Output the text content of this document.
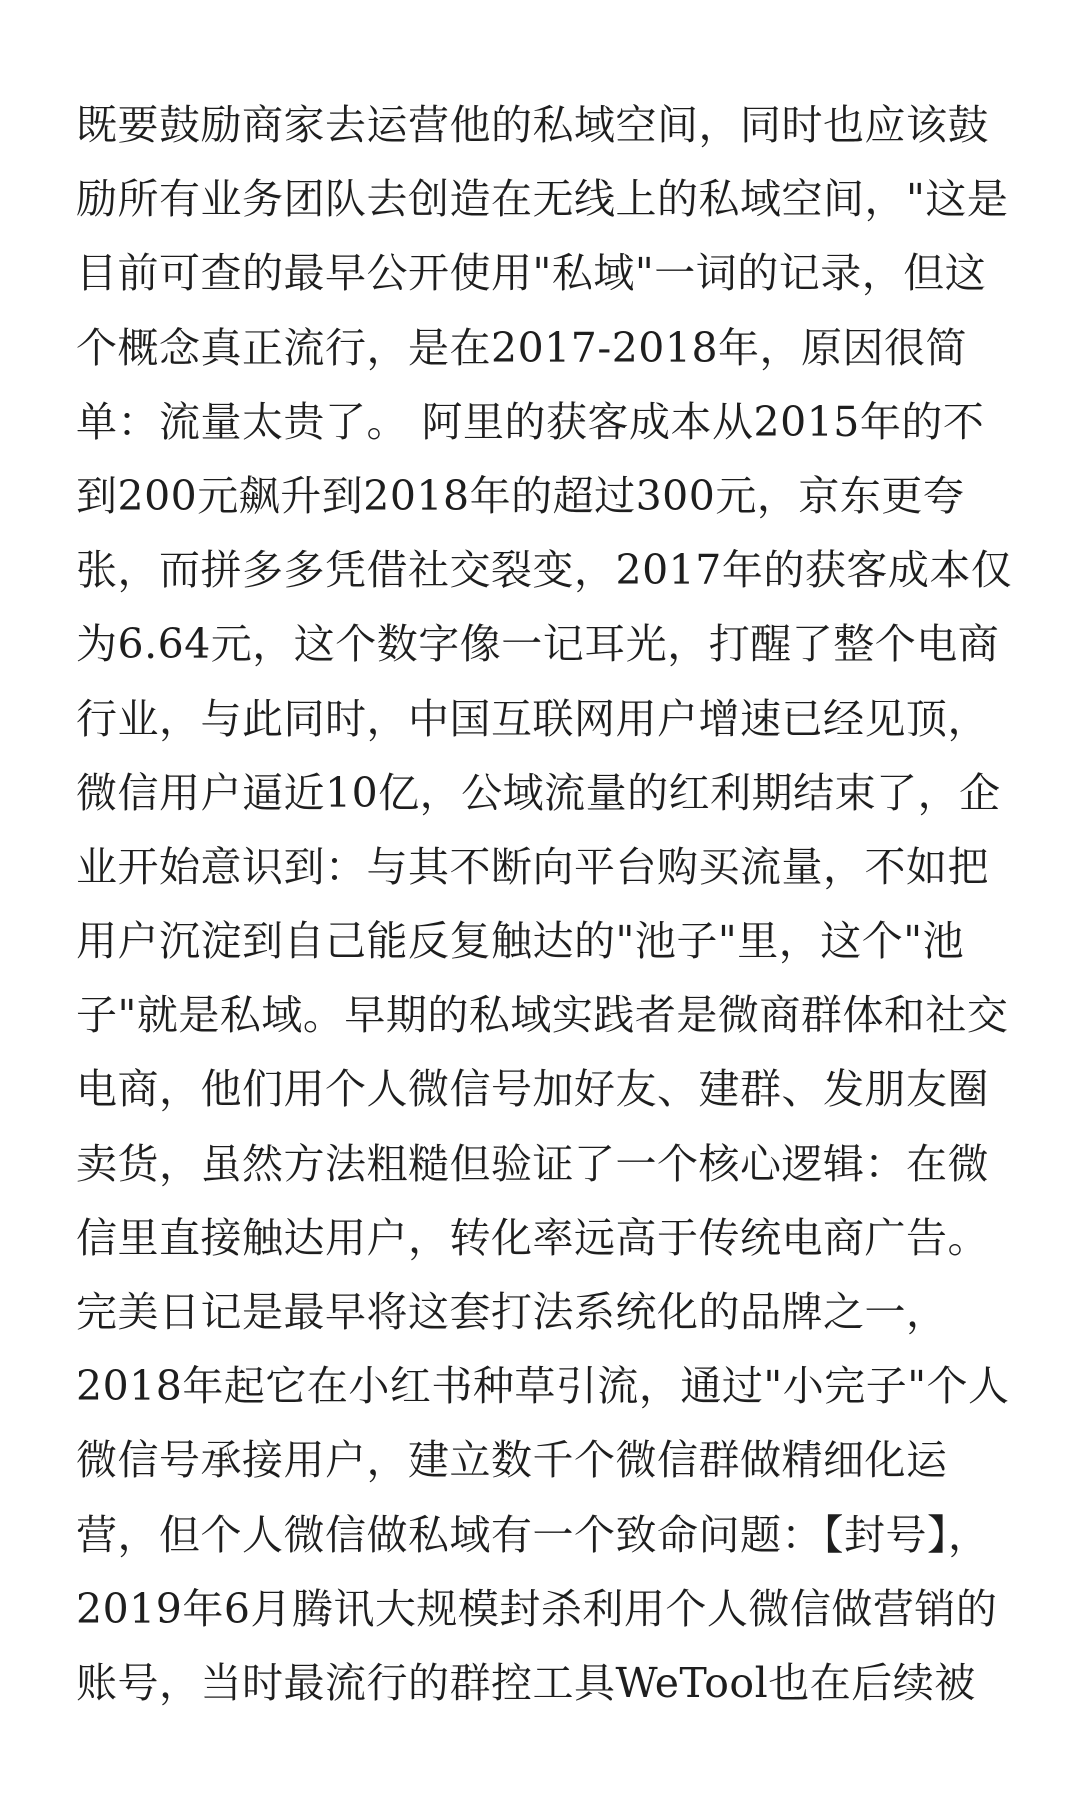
既要鼓励商家去运营他的私域空间，同时也应该鼓
励所有业务团队去创造在无线上的私域空间，"这是
目前可查的最早公开使用"私域"一词的记录，但这
个概念真正流行，是在2017-2018年，原因很简
单：流量太贵了。 阿里的获客成本从2015年的不
到200元飙升到2018年的超过300元，京东更夸
张，而拼多多凭借社交裂变，2017年的获客成本仅
为6.64元，这个数字像一记耳光，打醒了整个电商
行业，与此同时，中国互联网用户增速已经见顶，
微信用户逼近10亿，公域流量的红利期结束了，企
业开始意识到：与其不断向平台购买流量，不如把
用户沉淀到自己能反复触达的"池子"里，这个"池
子"就是私域。早期的私域实践者是微商群体和社交
电商，他们用个人微信号加好友、建群、发朋友圈
卖货，虽然方法粗糙但验证了一个核心逻辑：在微
信里直接触达用户，转化率远高于传统电商广告。
完美日记是最早将这套打法系统化的品牌之一，
2018年起它在小红书种草引流，通过"小完子"个人
微信号承接用户，建立数千个微信群做精细化运
营，但个人微信做私域有一个致命问题：【封号】，
2019年6月腾讯大规模封杀利用个人微信做营销的
账号，当时最流行的群控工具WeTool也在后续被
